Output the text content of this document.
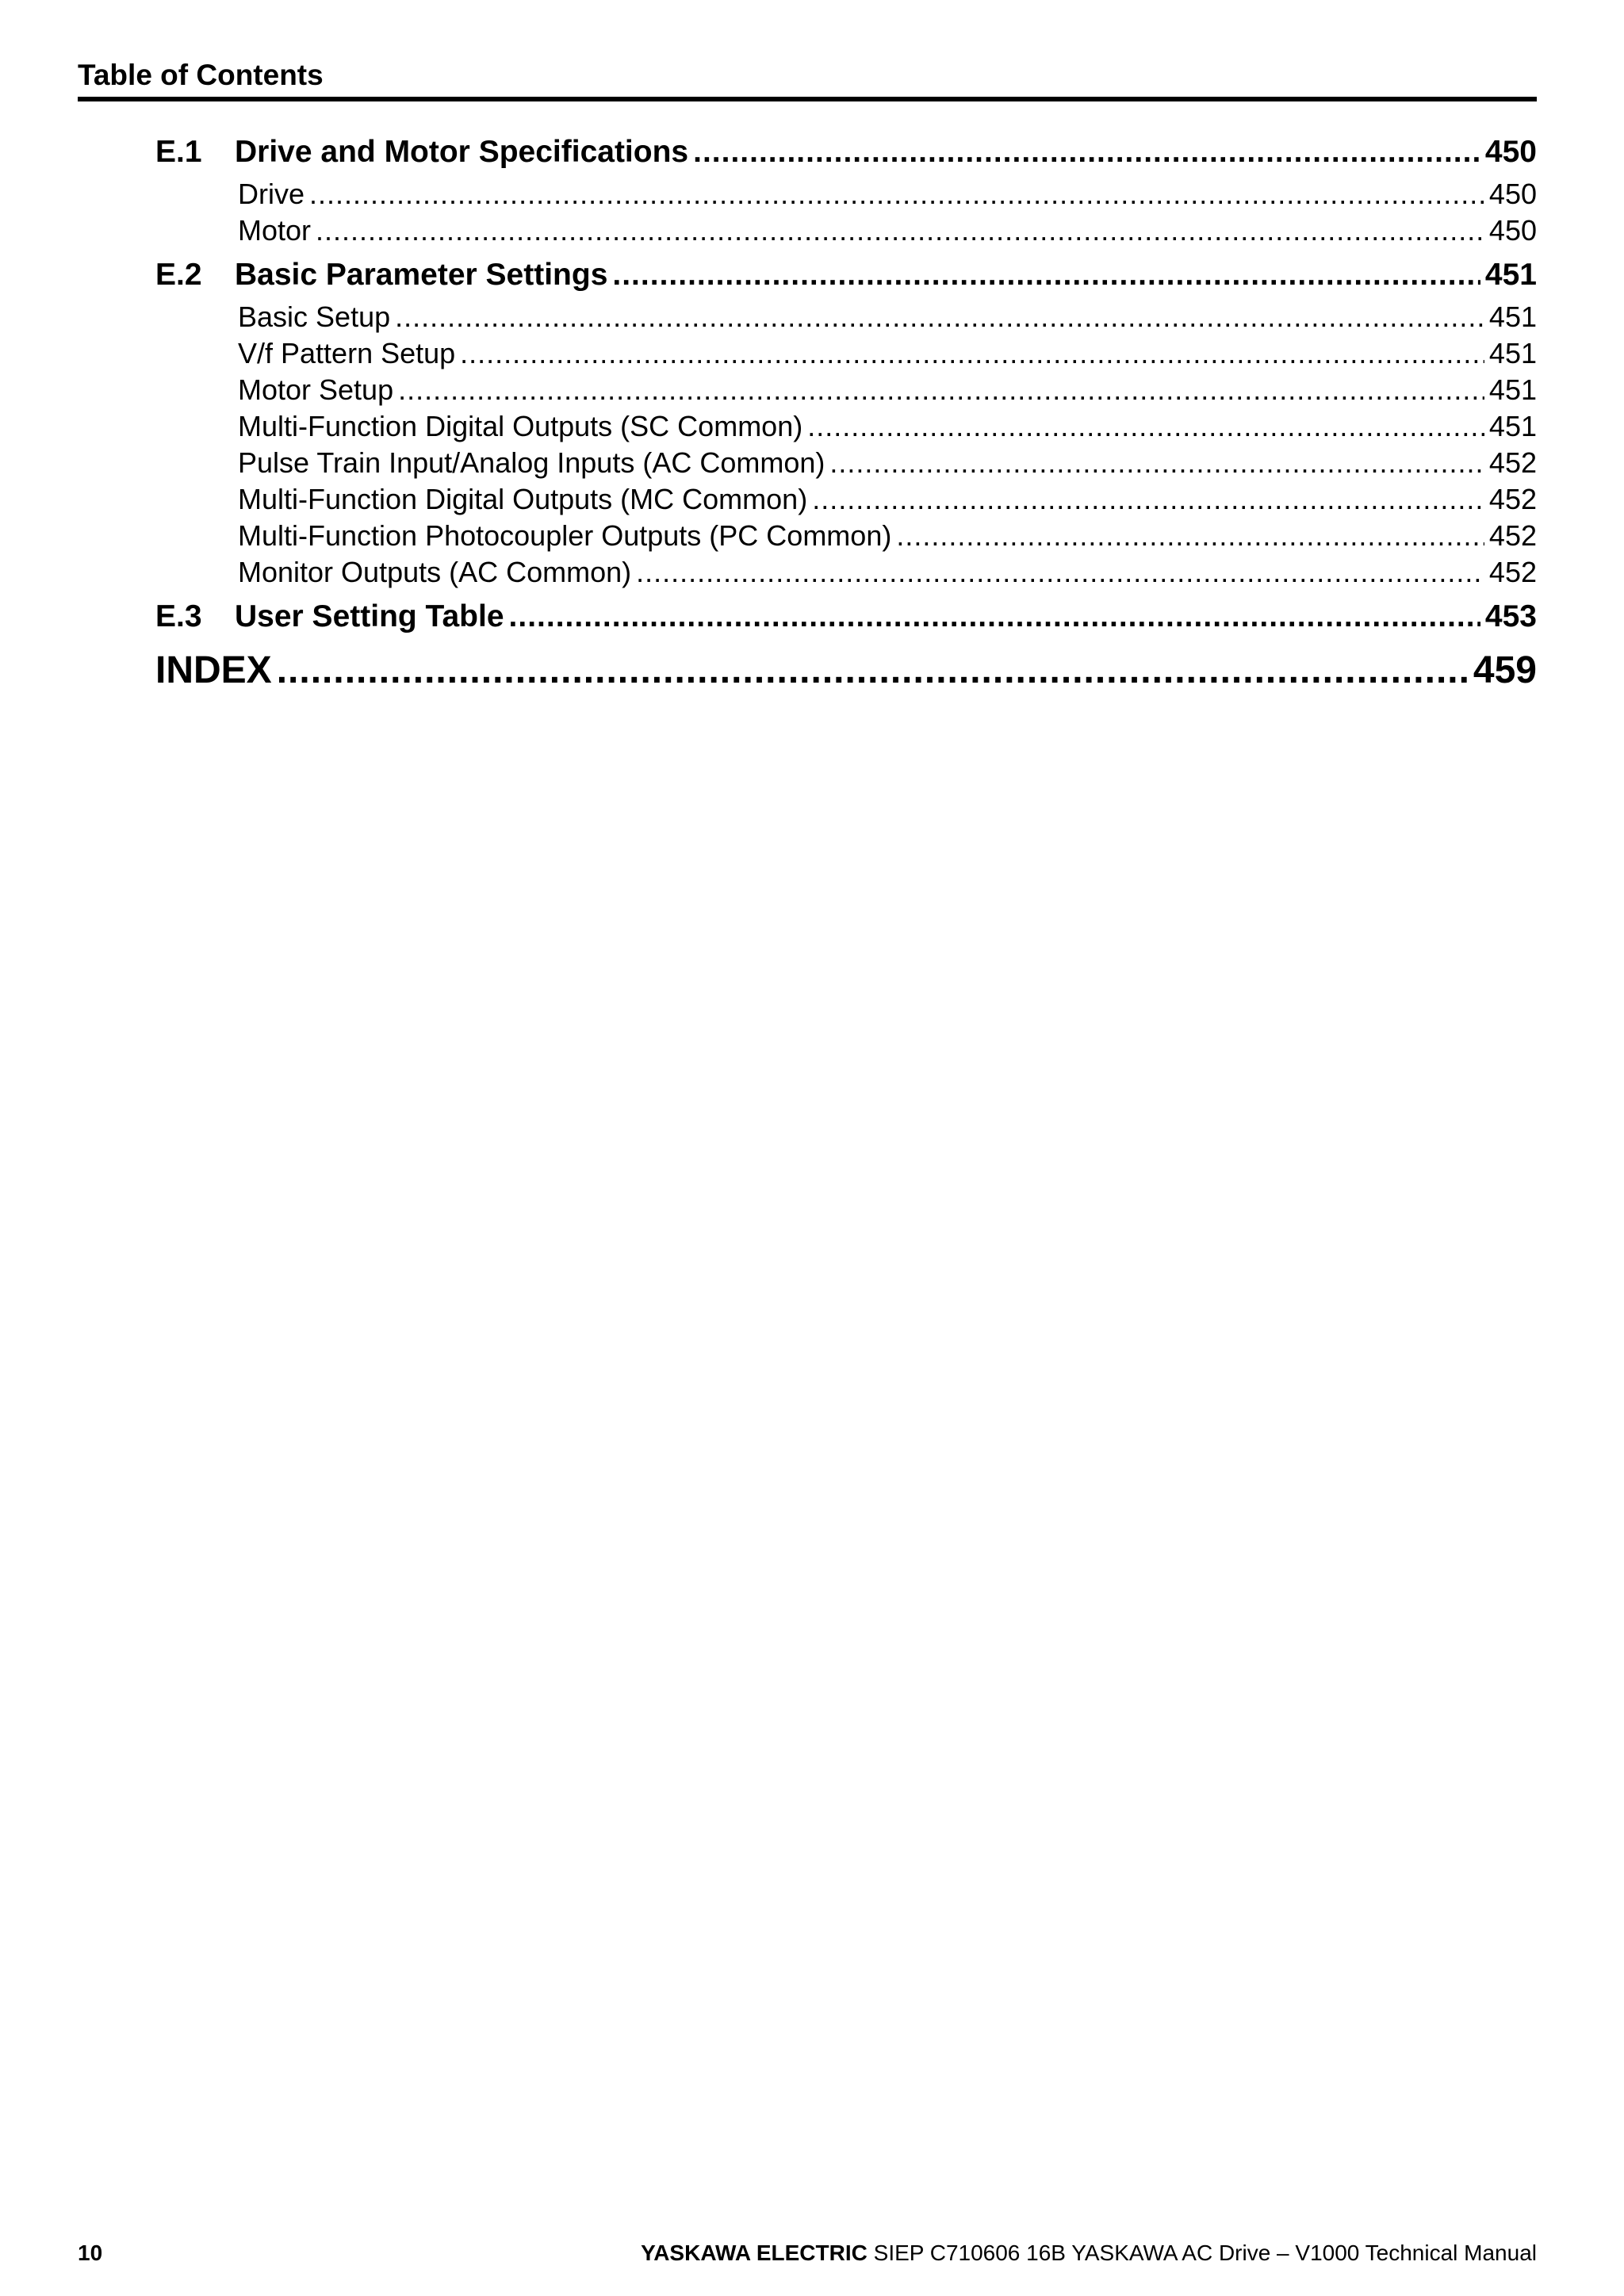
Table of Contents
E.1	Drive and Motor Specifications .....	450
Drive .....	450
Motor .....	450
E.2	Basic Parameter Settings .....	451
Basic Setup .....	451
V/f Pattern Setup .....	451
Motor Setup .....	451
Multi-Function Digital Outputs (SC Common) .....	451
Pulse Train Input/Analog Inputs (AC Common) .....	452
Multi-Function Digital Outputs (MC Common) .....	452
Multi-Function Photocoupler Outputs (PC Common) .....	452
Monitor Outputs (AC Common) .....	452
E.3	User Setting Table .....	453
INDEX .....	459
10	YASKAWA ELECTRIC SIEP C710606 16B YASKAWA AC Drive – V1000 Technical Manual
